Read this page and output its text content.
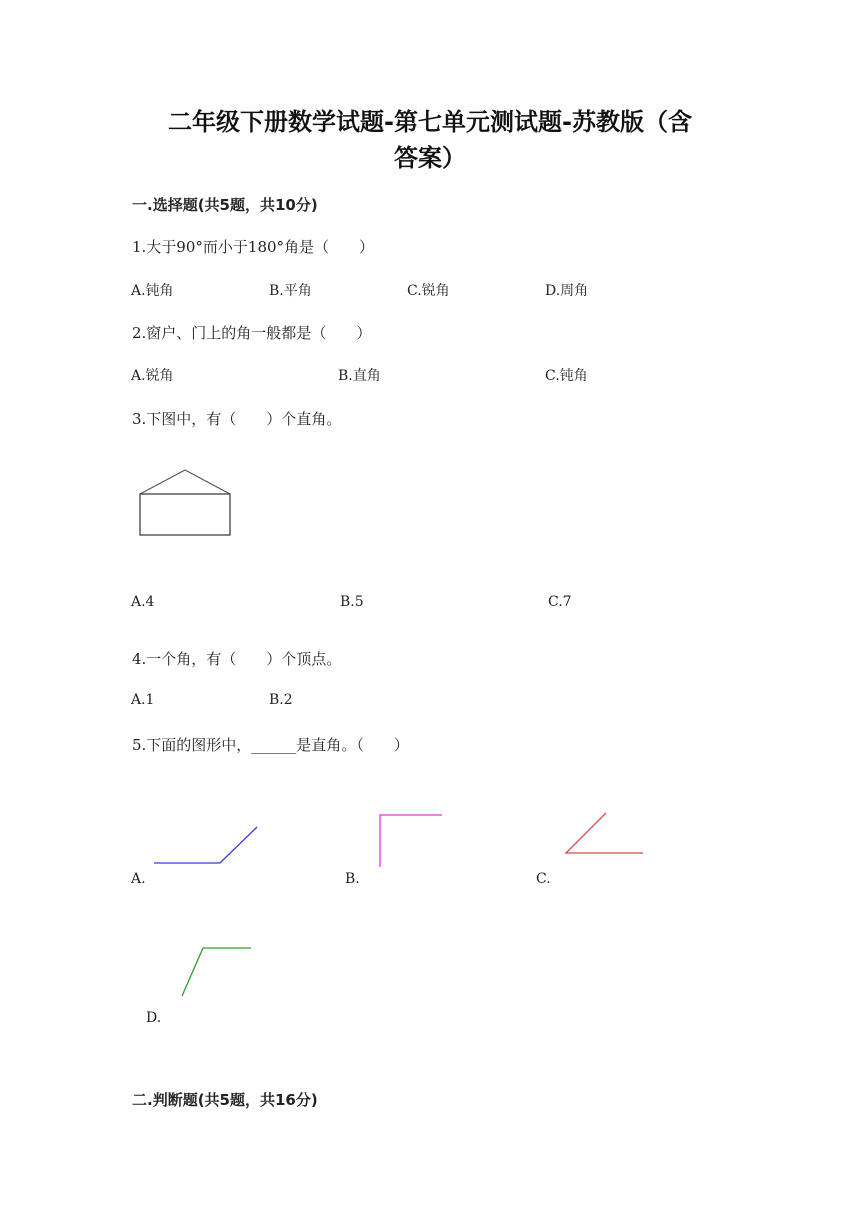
二年级下册数学试题-第七单元测试题-苏教版（含
答案）
一.选择题(共5题，共10分)
1.大于90°而小于180°角是（　　）
A.钝角	B.平角	C.锐角	D.周角
2.窗户、门上的角一般都是（　　）
A.锐角	B.直角	C.钝角
3.下图中，有（　　）个直角。
A.4	B.5	C.7
4.一个角，有（　　）个顶点。
A.1	B.2
5.下面的图形中，______是直角。（　　）
A.	B.	C.
D.
二.判断题(共5题，共16分)
